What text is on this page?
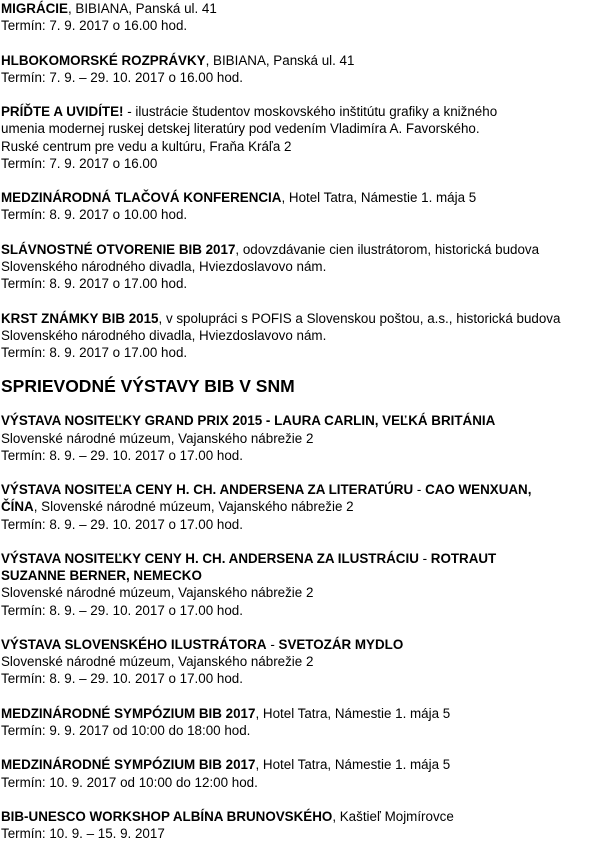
MIGRÁCIE, BIBIANA, Panská ul. 41
Termín: 7. 9. 2017 o 16.00 hod.
HLBOKOMORSKÉ ROZPRÁVKY, BIBIANA, Panská ul. 41
Termín: 7. 9. – 29. 10. 2017 o 16.00 hod.
PRÍĎTE A UVIDÍTE! - ilustrácie študentov moskovského inštitútu grafiky a knižného
umenia modernej ruskej detskej literatúry pod vedením Vladimíra A. Favorského.
Ruské centrum pre vedu a kultúru, Fraňa Kráľa 2
Termín: 7. 9. 2017 o 16.00
MEDZINÁRODNÁ TLAČOVÁ KONFERENCIA, Hotel Tatra, Námestie 1. mája 5
Termín: 8. 9. 2017 o 10.00 hod.
SLÁVNOSTNÉ OTVORENIE BIB 2017, odovzdávanie cien ilustrátorom, historická budova
Slovenského národného divadla, Hviezdoslavovo nám.
Termín: 8. 9. 2017 o 17.00 hod.
KRST ZNÁMKY BIB 2015, v spolupráci s POFIS a Slovenskou poštou, a.s., historická budova
Slovenského národného divadla, Hviezdoslavovo nám.
Termín: 8. 9. 2017 o 17.00 hod.
SPRIEVODNÉ VÝSTAVY BIB V SNM
VÝSTAVA NOSITEĽKY GRAND PRIX 2015 - LAURA CARLIN, VEĽKÁ BRITÁNIA
Slovenské národné múzeum, Vajanského nábrežie 2
Termín: 8. 9. – 29. 10. 2017 o 17.00 hod.
VÝSTAVA NOSITEĽA CENY H. CH. ANDERSENA ZA LITERATÚRU - CAO WENXUAN,
ČÍNA, Slovenské národné múzeum, Vajanského nábrežie 2
Termín: 8. 9. – 29. 10. 2017 o 17.00 hod.
VÝSTAVA NOSITEĽKY CENY H. CH. ANDERSENA ZA ILUSTRÁCIU - ROTRAUT
SUZANNE BERNER, NEMECKO
Slovenské národné múzeum, Vajanského nábrežie 2
Termín: 8. 9. – 29. 10. 2017 o 17.00 hod.
VÝSTAVA SLOVENSKÉHO ILUSTRÁTORA - SVETOZÁR MYDLO
Slovenské národné múzeum, Vajanského nábrežie 2
Termín: 8. 9. – 29. 10. 2017 o 17.00 hod.
MEDZINÁRODNÉ SYMPÓZIUM BIB 2017, Hotel Tatra, Námestie 1. mája 5
Termín: 9. 9. 2017 od 10:00 do 18:00 hod.
MEDZINÁRODNÉ SYMPÓZIUM BIB 2017, Hotel Tatra, Námestie 1. mája 5
Termín: 10. 9. 2017 od 10:00 do 12:00 hod.
BIB-UNESCO WORKSHOP ALBÍNA BRUNOVSKÉHO, Kaštieľ Mojmírovce
Termín: 10. 9. – 15. 9. 2017
